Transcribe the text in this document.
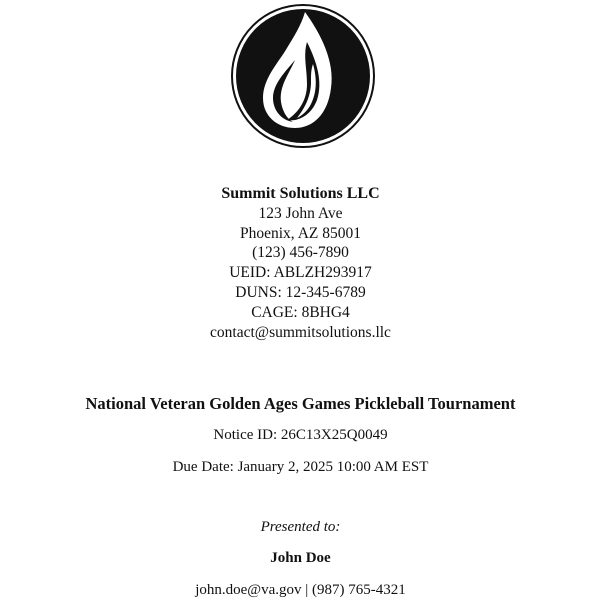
Summit Solutions LLC
123 John Ave
Phoenix, AZ 85001
(123) 456-7890
UEID: ABLZH293917
DUNS: 12-345-6789
CAGE: 8BHG4
contact@summitsolutions.llc
National Veteran Golden Ages Games Pickleball Tournament
Notice ID: 26C13X25Q0049
Due Date: January 2, 2025 10:00 AM EST
Presented to:
John Doe
john.doe@va.gov | (987) 765-4321
